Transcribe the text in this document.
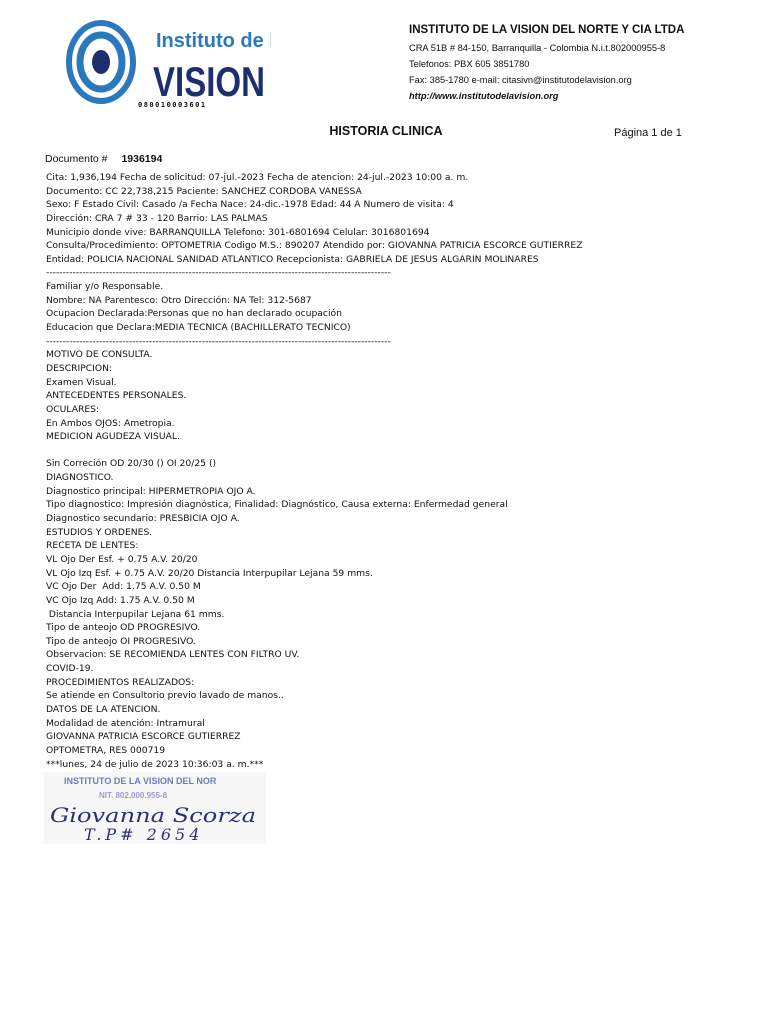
Instituto de
VISION
080010003601
INSTITUTO DE LA VISION DEL NORTE Y CIA LTDA
CRA 51B # 84-150, Barranquilla - Colombia N.i.t.802000955-8
Telefonos: PBX 605 3851780
Fax: 385-1780 e-mail: citasivn@institutodelavision.org
http://www.institutodelavision.org
HISTORIA CLINICA	Página 1 de 1
Documento # 1936194
Cita: 1,936,194 Fecha de solicitud: 07-jul.-2023 Fecha de atencion: 24-jul.-2023 10:00 a. m.
Documento: CC 22,738,215 Paciente: SANCHEZ CORDOBA VANESSA
Sexo: F Estado Civil: Casado /a Fecha Nace: 24-dic.-1978 Edad: 44 A Numero de visita: 4
Dirección: CRA 7 # 33 - 120 Barrio: LAS PALMAS
Municipio donde vive: BARRANQUILLA Telefono: 301-6801694 Celular: 3016801694
Consulta/Procedimiento: OPTOMETRIA Codigo M.S.: 890207 Atendido por: GIOVANNA PATRICIA ESCORCE GUTIERREZ
Entidad: POLICIA NACIONAL SANIDAD ATLANTICO Recepcionista: GABRIELA DE JESUS ALGARIN MOLINARES
--------------------------------------------------------------------------------------------------------
Familiar y/o Responsable.
Nombre: NA Parentesco: Otro Dirección: NA Tel: 312-5687
Ocupacion Declarada:Personas que no han declarado ocupación
Educacion que Declara:MEDIA TECNICA (BACHILLERATO TECNICO)
--------------------------------------------------------------------------------------------------------
MOTIVO DE CONSULTA.
DESCRIPCION:
Examen Visual.
ANTECEDENTES PERSONALES.
OCULARES:
En Ambos OJOS: Ametropia.
MEDICION AGUDEZA VISUAL.
Sin Correción OD 20/30 () OI 20/25 ()
DIAGNOSTICO.
Diagnostico principal: HIPERMETROPIA OJO A.
Tipo diagnostico: Impresión diagnóstica, Finalidad: Diagnóstico, Causa externa: Enfermedad general
Diagnostico secundario: PRESBICIA OJO A.
ESTUDIOS Y ORDENES.
RECETA DE LENTES:
VL Ojo Der Esf. + 0.75 A.V. 20/20
VL Ojo Izq Esf. + 0.75 A.V. 20/20 Distancia Interpupilar Lejana 59 mms.
VC Ojo Der  Add: 1.75 A.V. 0.50 M
VC Ojo Izq Add: 1.75 A.V. 0.50 M
Distancia Interpupilar Lejana 61 mms.
Tipo de anteojo OD PROGRESIVO.
Tipo de anteojo OI PROGRESIVO.
Observacion: SE RECOMIENDA LENTES CON FILTRO UV.
COVID-19.
PROCEDIMIENTOS REALIZADOS:
Se atiende en Consultorio previo lavado de manos..
DATOS DE LA ATENCION.
Modalidad de atención: Intramural
GIOVANNA PATRICIA ESCORCE GUTIERREZ
OPTOMETRA, RES 000719
***lunes, 24 de julio de 2023 10:36:03 a. m.***
INSTITUTO DE LA VISION DEL NOR
NIT. 802.000.955-8
Giovanna Scorza
T.P# 2654
